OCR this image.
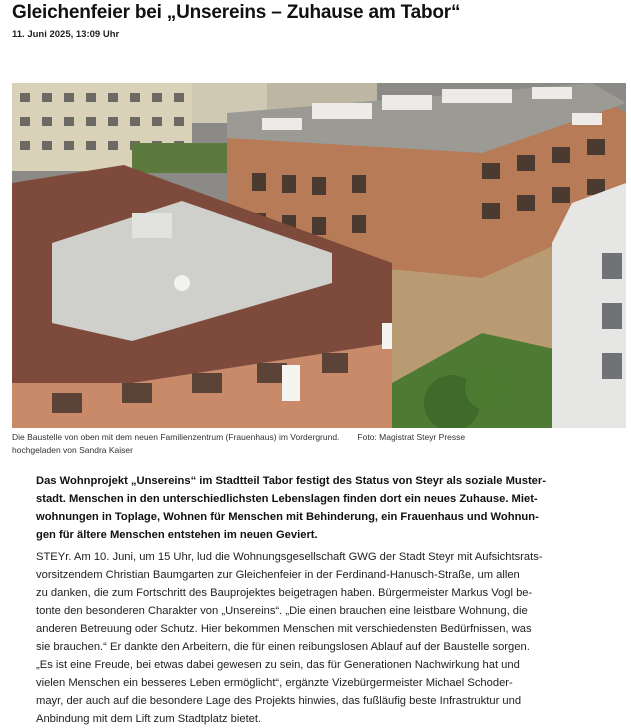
Gleichenfeier bei „Unsereins – Zuhause am Tabor“
11. Juni 2025, 13:09 Uhr
Die Baustelle von oben mit dem neuen Familienzentrum (Frauenhaus) im Vordergrund. Foto: Magistrat Steyr Presse
hochgeladen von Sandra Kaiser
Das Wohnprojekt „Unsereins“ im Stadtteil Tabor festigt des Status von Steyr als soziale Muster-
stadt. Menschen in den unterschiedlichsten Lebenslagen finden dort ein neues Zuhause. Miet-
wohnungen in Toplage, Wohnen für Menschen mit Behinderung, ein Frauenhaus und Wohnun-
gen für ältere Menschen entstehen im neuen Geviert.
STEYr. Am 10. Juni, um 15 Uhr, lud die Wohnungsgesellschaft GWG der Stadt Steyr mit Aufsichtsrats-
vorsitzendem Christian Baumgarten zur Gleichenfeier in der Ferdinand-Hanusch-Straße, um allen
zu danken, die zum Fortschritt des Bauprojektes beigetragen haben. Bürgermeister Markus Vogl be-
tonte den besonderen Charakter von „Unsereins“. „Die einen brauchen eine leistbare Wohnung, die
anderen Betreuung oder Schutz. Hier bekommen Menschen mit verschiedensten Bedürfnissen, was
sie brauchen.“ Er dankte den Arbeitern, die für einen reibungslosen Ablauf auf der Baustelle sorgen.
„Es ist eine Freude, bei etwas dabei gewesen zu sein, das für Generationen Nachwirkung hat und
vielen Menschen ein besseres Leben ermöglicht“, ergänzte Vizebürgermeister Michael Schoder-
mayr, der auch auf die besondere Lage des Projekts hinwies, das fußläufig beste Infrastruktur und
Anbindung mit dem Lift zum Stadtplatz bietet.
